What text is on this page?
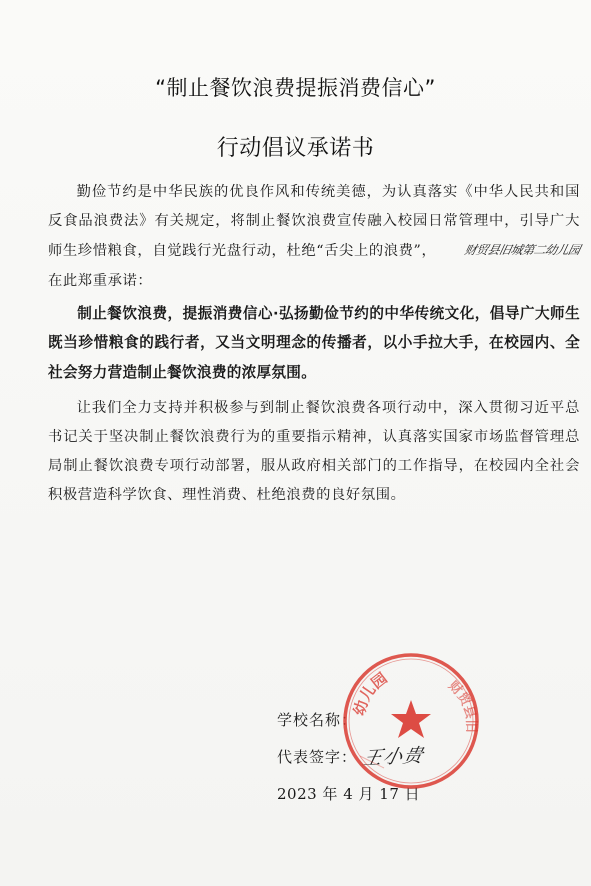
“制止餐饮浪费提振消费信心”
行动倡议承诺书

勤俭节约是中华民族的优良作风和传统美德，为认真落实《中华人民共和国反食品浪费法》有关规定，将制止餐饮浪费宣传融入校园日常管理中，引导广大师生珍惜粮食，自觉践行光盘行动，杜绝“舌尖上的浪费”， 财贸县旧城第二幼儿园在此郑重承诺：

制止餐饮浪费，提振消费信心·弘扬勤俭节约的中华传统文化，倡导广大师生既当珍惜粮食的践行者，又当文明理念的传播者，以小手拉大手，在校园内、全社会努力营造制止餐饮浪费的浓厚氛围。

让我们全力支持并积极参与到制止餐饮浪费各项行动中，深入贯彻习近平总书记关于坚决制止餐饮浪费行为的重要指示精神，认真落实国家市场监督管理总局制止餐饮浪费专项行动部署，服从政府相关部门的工作指导，在校园内全社会积极营造科学饮食、理性消费、杜绝浪费的良好氛围。

学校名称：
代表签字： 王小贵
2023 年 4 月 17 日
幼儿园	财贸县旧
